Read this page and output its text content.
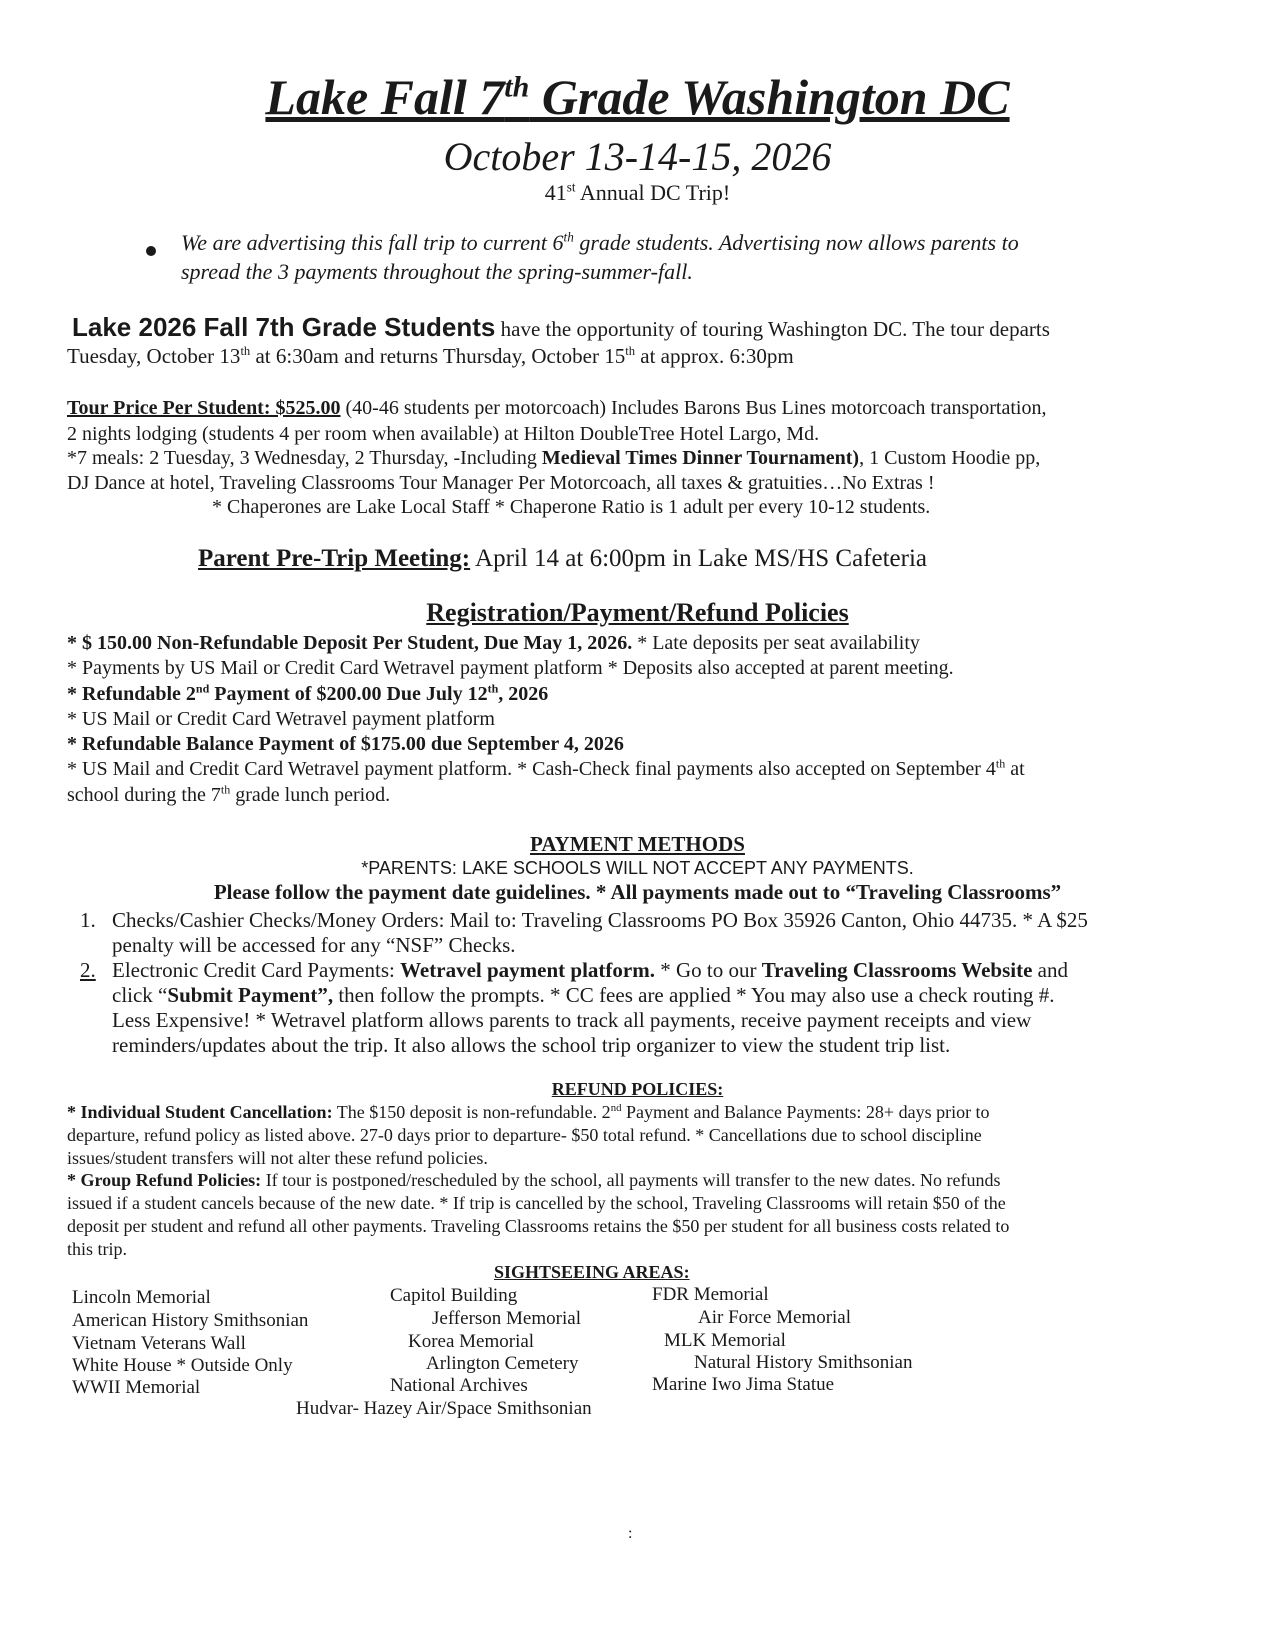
Lake Fall 7th Grade Washington DC
October 13-14-15, 2026
41st Annual DC Trip!
We are advertising this fall trip to current 6th grade students. Advertising now allows parents to
spread the 3 payments throughout the spring-summer-fall.
Lake 2026 Fall 7th Grade Students have the opportunity of touring Washington DC. The tour departs
Tuesday, October 13th at 6:30am and returns Thursday, October 15th at approx. 6:30pm
Tour Price Per Student: $525.00 (40-46 students per motorcoach) Includes Barons Bus Lines motorcoach transportation,
2 nights lodging (students 4 per room when available) at Hilton DoubleTree Hotel Largo, Md.
*7 meals: 2 Tuesday, 3 Wednesday, 2 Thursday, -Including Medieval Times Dinner Tournament), 1 Custom Hoodie pp,
DJ Dance at hotel, Traveling Classrooms Tour Manager Per Motorcoach, all taxes & gratuities…No Extras !
* Chaperones are Lake Local Staff * Chaperone Ratio is 1 adult per every 10-12 students.
Parent Pre-Trip Meeting: April 14 at 6:00pm in Lake MS/HS Cafeteria
Registration/Payment/Refund Policies
* $ 150.00 Non-Refundable Deposit Per Student, Due May 1, 2026. * Late deposits per seat availability
* Payments by US Mail or Credit Card Wetravel payment platform * Deposits also accepted at parent meeting.
* Refundable 2nd Payment of $200.00 Due July 12th, 2026
* US Mail or Credit Card Wetravel payment platform
* Refundable Balance Payment of $175.00 due September 4, 2026
* US Mail and Credit Card Wetravel payment platform. * Cash-Check final payments also accepted on September 4th at
school during the 7th grade lunch period.
PAYMENT METHODS
*PARENTS: LAKE SCHOOLS WILL NOT ACCEPT ANY PAYMENTS.
Please follow the payment date guidelines. * All payments made out to “Traveling Classrooms”
1. Checks/Cashier Checks/Money Orders: Mail to: Traveling Classrooms PO Box 35926 Canton, Ohio 44735. * A $25
penalty will be accessed for any “NSF” Checks.
2. Electronic Credit Card Payments: Wetravel payment platform. * Go to our Traveling Classrooms Website and
click “Submit Payment”, then follow the prompts. * CC fees are applied * You may also use a check routing #.
Less Expensive! * Wetravel platform allows parents to track all payments, receive payment receipts and view
reminders/updates about the trip. It also allows the school trip organizer to view the student trip list.
REFUND POLICIES:
* Individual Student Cancellation: The $150 deposit is non-refundable. 2nd Payment and Balance Payments: 28+ days prior to
departure, refund policy as listed above. 27-0 days prior to departure- $50 total refund. * Cancellations due to school discipline
issues/student transfers will not alter these refund policies.
* Group Refund Policies: If tour is postponed/rescheduled by the school, all payments will transfer to the new dates. No refunds
issued if a student cancels because of the new date. * If trip is cancelled by the school, Traveling Classrooms will retain $50 of the
deposit per student and refund all other payments. Traveling Classrooms retains the $50 per student for all business costs related to
this trip.
SIGHTSEEING AREAS:
Lincoln Memorial
American History Smithsonian
Vietnam Veterans Wall
White House * Outside Only
WWII Memorial
Capitol Building
Jefferson Memorial
Korea Memorial
Arlington Cemetery
National Archives
Hudvar- Hazey Air/Space Smithsonian
FDR Memorial
Air Force Memorial
MLK Memorial
Natural History Smithsonian
Marine Iwo Jima Statue
:
